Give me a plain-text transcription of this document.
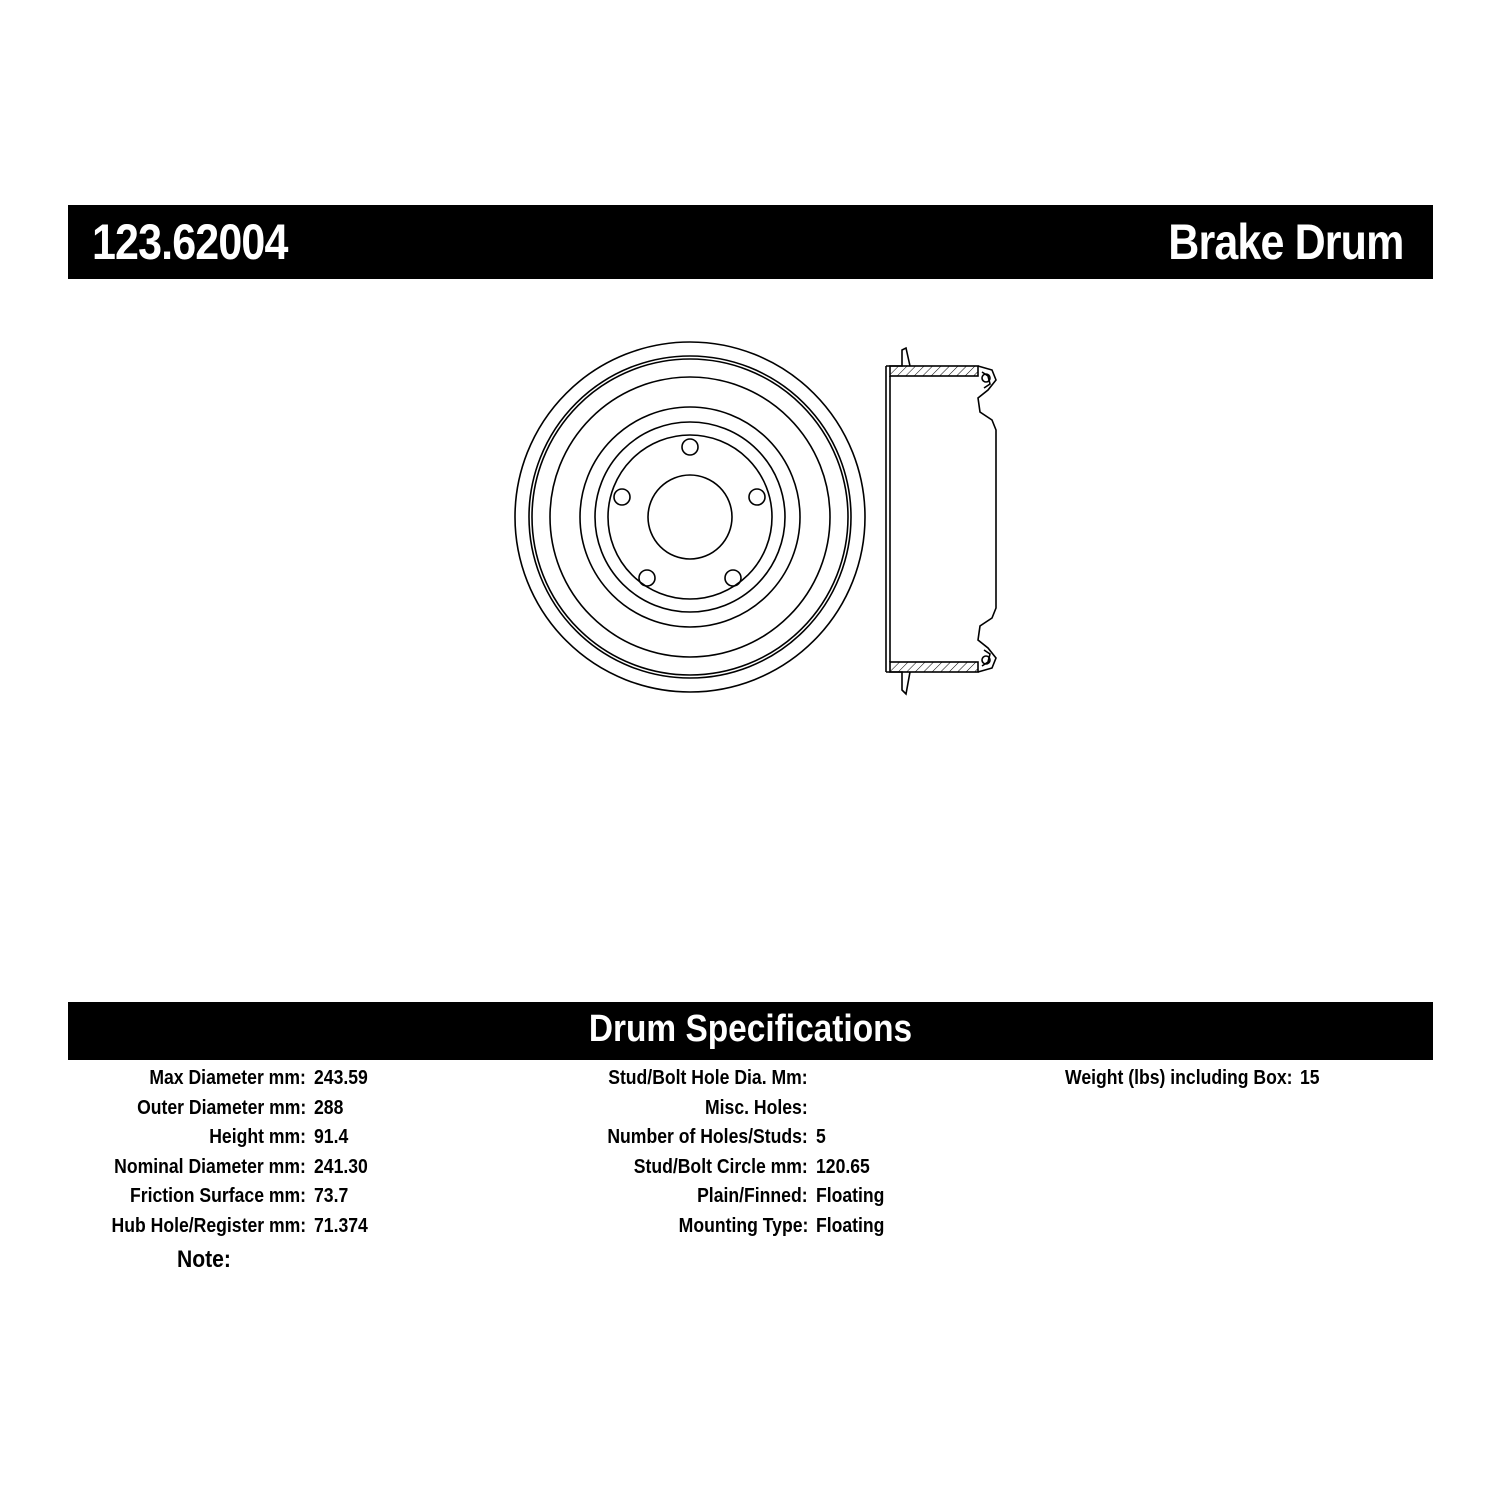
123.62004	Brake Drum
Drum Specifications
Max Diameter mm: 243.59
Outer Diameter mm: 288
Height mm: 91.4
Nominal Diameter mm: 241.30
Friction Surface mm: 73.7
Hub Hole/Register mm: 71.374
Stud/Bolt Hole Dia. Mm:
Misc. Holes:
Number of Holes/Studs: 5
Stud/Bolt Circle mm: 120.65
Plain/Finned: Floating
Mounting Type: Floating
Weight (lbs) including Box: 15
Note:
